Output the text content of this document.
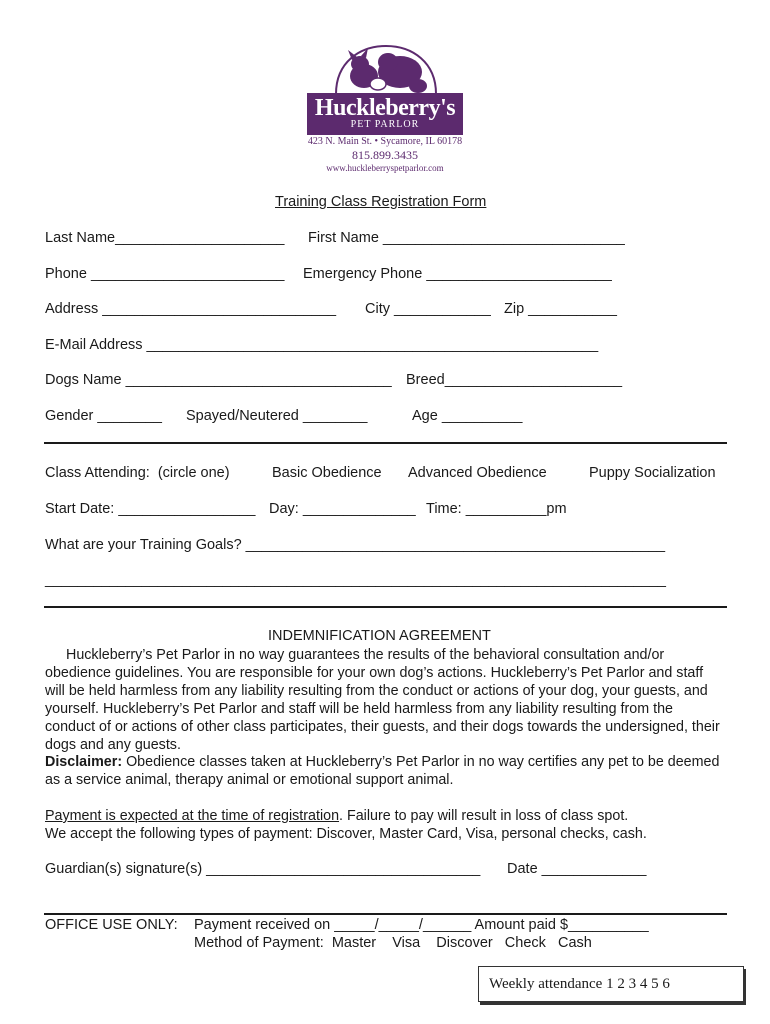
Huckleberry's
PET PARLOR
423 N. Main St. • Sycamore, IL 60178
815.899.3435
www.huckleberryspetparlor.com
Training Class Registration Form
Last Name_____________________ First Name ______________________________
Phone ________________________ Emergency Phone _______________________
Address _____________________________ City ____________ Zip ___________
E-Mail Address ________________________________________________________
Dogs Name _________________________________ Breed______________________
Gender ________ Spayed/Neutered ________	Age __________
Class Attending:  (circle one)	Basic Obedience Advanced Obedience	Puppy Socialization
Start Date: _________________ Day: ______________ Time: __________pm
What are your Training Goals? ____________________________________________________
_____________________________________________________________________________
INDEMNIFICATION AGREEMENT
Huckleberry’s Pet Parlor in no way guarantees the results of the behavioral consultation and/or obedience guidelines. You are responsible for your own dog’s actions. Huckleberry’s Pet Parlor and staff will be held harmless from any liability resulting from the conduct or actions of your dog, your guests, and yourself. Huckleberry’s Pet Parlor and staff will be held harmless from any liability resulting from the conduct of or actions of other class participates, their guests, and their dogs towards the undersigned, their dogs and any guests.
Disclaimer: Obedience classes taken at Huckleberry’s Pet Parlor in no way certifies any pet to be deemed as a service animal, therapy animal or emotional support animal.
Payment is expected at the time of registration. Failure to pay will result in loss of class spot.
We accept the following types of payment: Discover, Master Card, Visa, personal checks, cash.
Guardian(s) signature(s) __________________________________ Date _____________
OFFICE USE ONLY: Payment received on _____/_____/______ Amount paid $__________
Method of Payment:  Master    Visa    Discover   Check   Cash
Weekly attendance 1 2 3 4 5 6
